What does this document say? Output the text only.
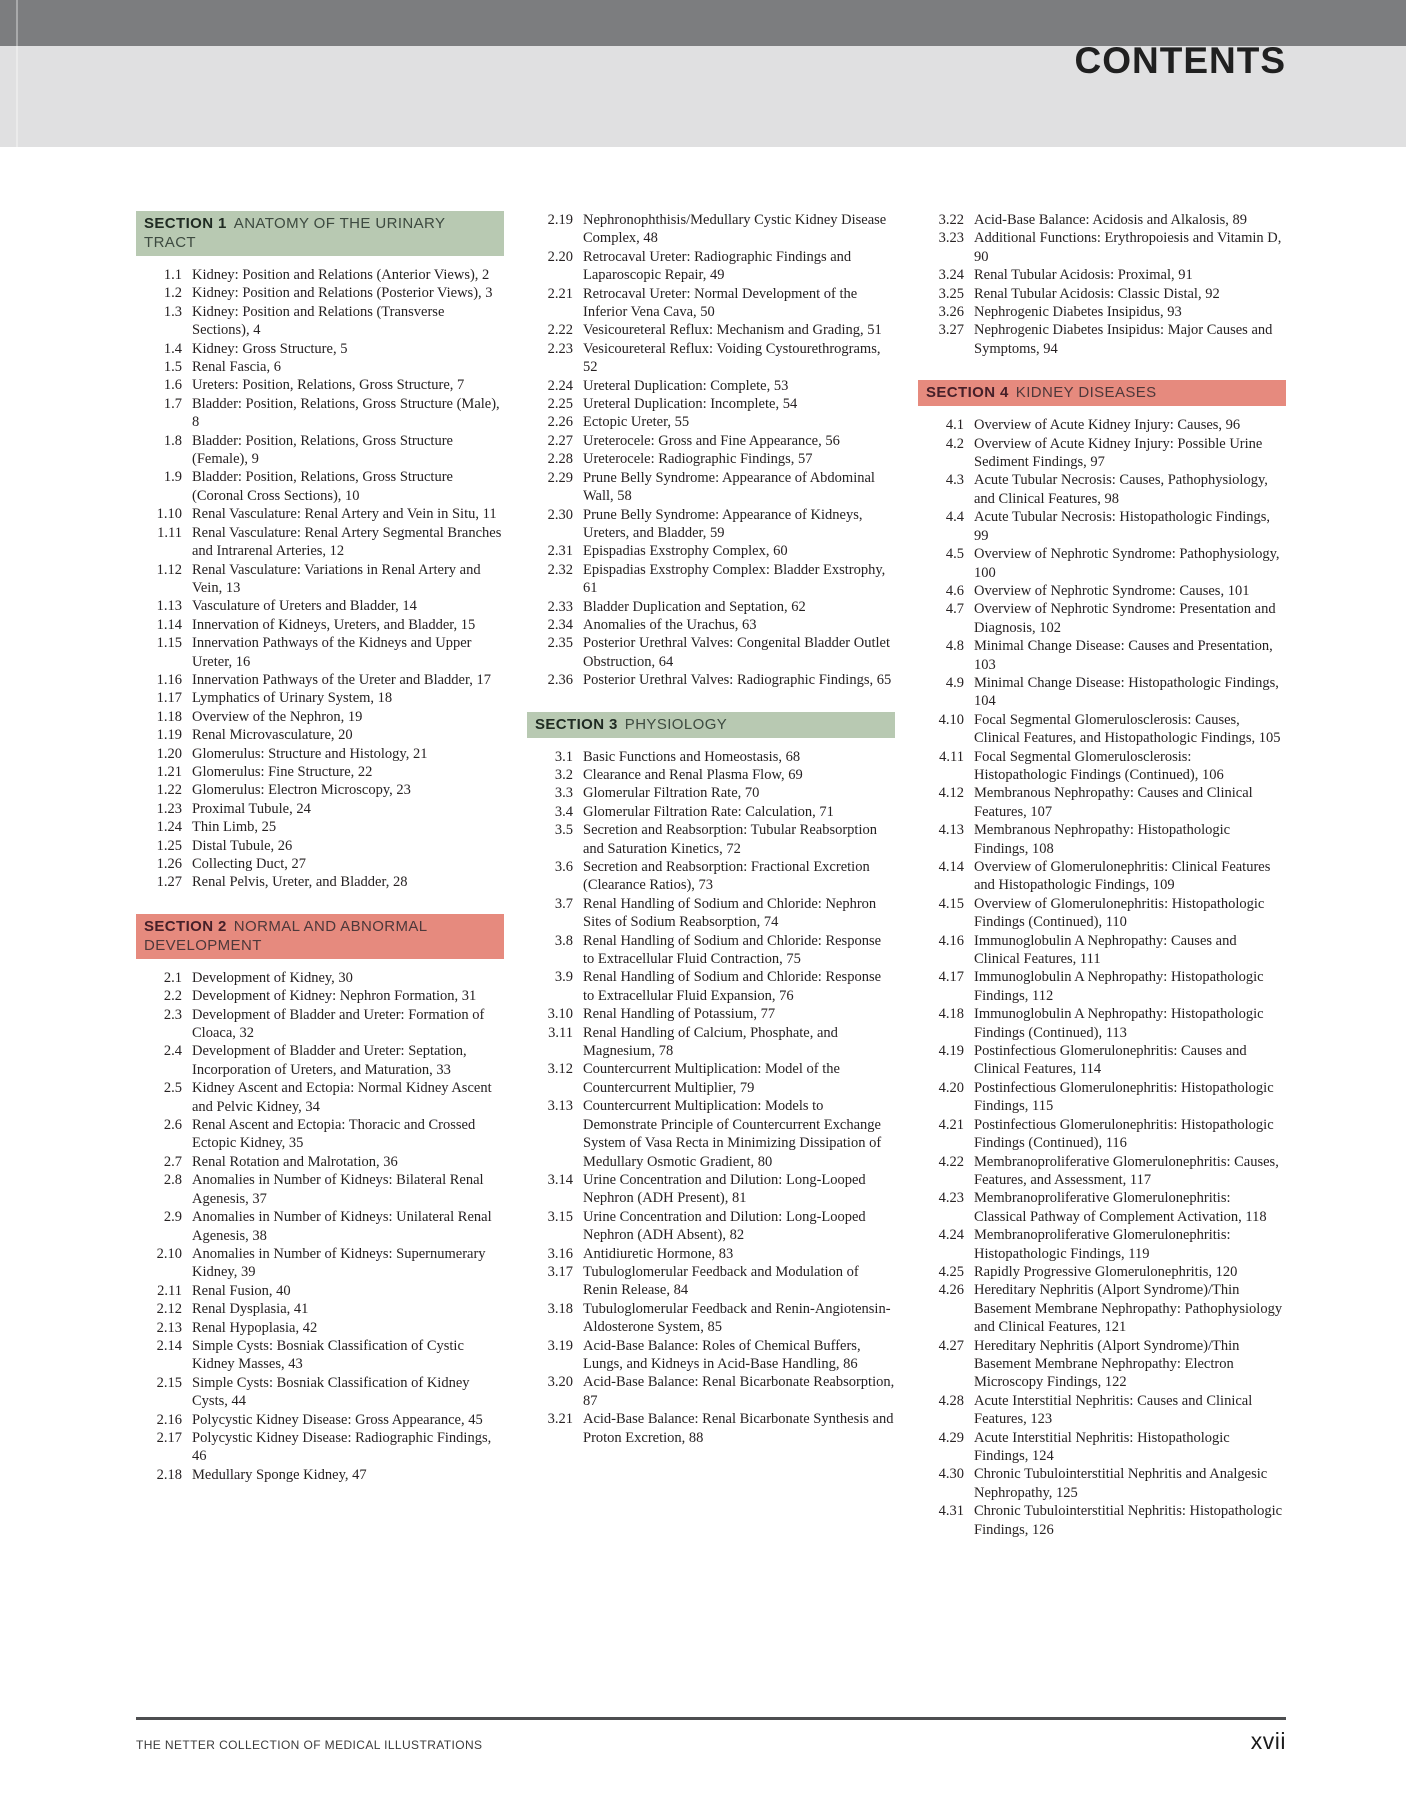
CONTENTS
SECTION 1 ANATOMY OF THE URINARY TRACT
1.1 Kidney: Position and Relations (Anterior Views), 2
1.2 Kidney: Position and Relations (Posterior Views), 3
1.3 Kidney: Position and Relations (Transverse Sections), 4
1.4 Kidney: Gross Structure, 5
1.5 Renal Fascia, 6
1.6 Ureters: Position, Relations, Gross Structure, 7
1.7 Bladder: Position, Relations, Gross Structure (Male), 8
1.8 Bladder: Position, Relations, Gross Structure (Female), 9
1.9 Bladder: Position, Relations, Gross Structure (Coronal Cross Sections), 10
1.10 Renal Vasculature: Renal Artery and Vein in Situ, 11
1.11 Renal Vasculature: Renal Artery Segmental Branches and Intrarenal Arteries, 12
1.12 Renal Vasculature: Variations in Renal Artery and Vein, 13
1.13 Vasculature of Ureters and Bladder, 14
1.14 Innervation of Kidneys, Ureters, and Bladder, 15
1.15 Innervation Pathways of the Kidneys and Upper Ureter, 16
1.16 Innervation Pathways of the Ureter and Bladder, 17
1.17 Lymphatics of Urinary System, 18
1.18 Overview of the Nephron, 19
1.19 Renal Microvasculature, 20
1.20 Glomerulus: Structure and Histology, 21
1.21 Glomerulus: Fine Structure, 22
1.22 Glomerulus: Electron Microscopy, 23
1.23 Proximal Tubule, 24
1.24 Thin Limb, 25
1.25 Distal Tubule, 26
1.26 Collecting Duct, 27
1.27 Renal Pelvis, Ureter, and Bladder, 28
SECTION 2 NORMAL AND ABNORMAL DEVELOPMENT
2.1 Development of Kidney, 30
2.2 Development of Kidney: Nephron Formation, 31
2.3 Development of Bladder and Ureter: Formation of Cloaca, 32
2.4 Development of Bladder and Ureter: Septation, Incorporation of Ureters, and Maturation, 33
2.5 Kidney Ascent and Ectopia: Normal Kidney Ascent and Pelvic Kidney, 34
2.6 Renal Ascent and Ectopia: Thoracic and Crossed Ectopic Kidney, 35
2.7 Renal Rotation and Malrotation, 36
2.8 Anomalies in Number of Kidneys: Bilateral Renal Agenesis, 37
2.9 Anomalies in Number of Kidneys: Unilateral Renal Agenesis, 38
2.10 Anomalies in Number of Kidneys: Supernumerary Kidney, 39
2.11 Renal Fusion, 40
2.12 Renal Dysplasia, 41
2.13 Renal Hypoplasia, 42
2.14 Simple Cysts: Bosniak Classification of Cystic Kidney Masses, 43
2.15 Simple Cysts: Bosniak Classification of Kidney Cysts, 44
2.16 Polycystic Kidney Disease: Gross Appearance, 45
2.17 Polycystic Kidney Disease: Radiographic Findings, 46
2.18 Medullary Sponge Kidney, 47
2.19 Nephronophthisis/Medullary Cystic Kidney Disease Complex, 48
2.20 Retrocaval Ureter: Radiographic Findings and Laparoscopic Repair, 49
2.21 Retrocaval Ureter: Normal Development of the Inferior Vena Cava, 50
2.22 Vesicoureteral Reflux: Mechanism and Grading, 51
2.23 Vesicoureteral Reflux: Voiding Cystourethrograms, 52
2.24 Ureteral Duplication: Complete, 53
2.25 Ureteral Duplication: Incomplete, 54
2.26 Ectopic Ureter, 55
2.27 Ureterocele: Gross and Fine Appearance, 56
2.28 Ureterocele: Radiographic Findings, 57
2.29 Prune Belly Syndrome: Appearance of Abdominal Wall, 58
2.30 Prune Belly Syndrome: Appearance of Kidneys, Ureters, and Bladder, 59
2.31 Epispadias Exstrophy Complex, 60
2.32 Epispadias Exstrophy Complex: Bladder Exstrophy, 61
2.33 Bladder Duplication and Septation, 62
2.34 Anomalies of the Urachus, 63
2.35 Posterior Urethral Valves: Congenital Bladder Outlet Obstruction, 64
2.36 Posterior Urethral Valves: Radiographic Findings, 65
SECTION 3 PHYSIOLOGY
3.1 Basic Functions and Homeostasis, 68
3.2 Clearance and Renal Plasma Flow, 69
3.3 Glomerular Filtration Rate, 70
3.4 Glomerular Filtration Rate: Calculation, 71
3.5 Secretion and Reabsorption: Tubular Reabsorption and Saturation Kinetics, 72
3.6 Secretion and Reabsorption: Fractional Excretion (Clearance Ratios), 73
3.7 Renal Handling of Sodium and Chloride: Nephron Sites of Sodium Reabsorption, 74
3.8 Renal Handling of Sodium and Chloride: Response to Extracellular Fluid Contraction, 75
3.9 Renal Handling of Sodium and Chloride: Response to Extracellular Fluid Expansion, 76
3.10 Renal Handling of Potassium, 77
3.11 Renal Handling of Calcium, Phosphate, and Magnesium, 78
3.12 Countercurrent Multiplication: Model of the Countercurrent Multiplier, 79
3.13 Countercurrent Multiplication: Models to Demonstrate Principle of Countercurrent Exchange System of Vasa Recta in Minimizing Dissipation of Medullary Osmotic Gradient, 80
3.14 Urine Concentration and Dilution: Long-Looped Nephron (ADH Present), 81
3.15 Urine Concentration and Dilution: Long-Looped Nephron (ADH Absent), 82
3.16 Antidiuretic Hormone, 83
3.17 Tubuloglomerular Feedback and Modulation of Renin Release, 84
3.18 Tubuloglomerular Feedback and Renin-Angiotensin-Aldosterone System, 85
3.19 Acid-Base Balance: Roles of Chemical Buffers, Lungs, and Kidneys in Acid-Base Handling, 86
3.20 Acid-Base Balance: Renal Bicarbonate Reabsorption, 87
3.21 Acid-Base Balance: Renal Bicarbonate Synthesis and Proton Excretion, 88
3.22 Acid-Base Balance: Acidosis and Alkalosis, 89
3.23 Additional Functions: Erythropoiesis and Vitamin D, 90
3.24 Renal Tubular Acidosis: Proximal, 91
3.25 Renal Tubular Acidosis: Classic Distal, 92
3.26 Nephrogenic Diabetes Insipidus, 93
3.27 Nephrogenic Diabetes Insipidus: Major Causes and Symptoms, 94
SECTION 4 KIDNEY DISEASES
4.1 Overview of Acute Kidney Injury: Causes, 96
4.2 Overview of Acute Kidney Injury: Possible Urine Sediment Findings, 97
4.3 Acute Tubular Necrosis: Causes, Pathophysiology, and Clinical Features, 98
4.4 Acute Tubular Necrosis: Histopathologic Findings, 99
4.5 Overview of Nephrotic Syndrome: Pathophysiology, 100
4.6 Overview of Nephrotic Syndrome: Causes, 101
4.7 Overview of Nephrotic Syndrome: Presentation and Diagnosis, 102
4.8 Minimal Change Disease: Causes and Presentation, 103
4.9 Minimal Change Disease: Histopathologic Findings, 104
4.10 Focal Segmental Glomerulosclerosis: Causes, Clinical Features, and Histopathologic Findings, 105
4.11 Focal Segmental Glomerulosclerosis: Histopathologic Findings (Continued), 106
4.12 Membranous Nephropathy: Causes and Clinical Features, 107
4.13 Membranous Nephropathy: Histopathologic Findings, 108
4.14 Overview of Glomerulonephritis: Clinical Features and Histopathologic Findings, 109
4.15 Overview of Glomerulonephritis: Histopathologic Findings (Continued), 110
4.16 Immunoglobulin A Nephropathy: Causes and Clinical Features, 111
4.17 Immunoglobulin A Nephropathy: Histopathologic Findings, 112
4.18 Immunoglobulin A Nephropathy: Histopathologic Findings (Continued), 113
4.19 Postinfectious Glomerulonephritis: Causes and Clinical Features, 114
4.20 Postinfectious Glomerulonephritis: Histopathologic Findings, 115
4.21 Postinfectious Glomerulonephritis: Histopathologic Findings (Continued), 116
4.22 Membranoproliferative Glomerulonephritis: Causes, Features, and Assessment, 117
4.23 Membranoproliferative Glomerulonephritis: Classical Pathway of Complement Activation, 118
4.24 Membranoproliferative Glomerulonephritis: Histopathologic Findings, 119
4.25 Rapidly Progressive Glomerulonephritis, 120
4.26 Hereditary Nephritis (Alport Syndrome)/Thin Basement Membrane Nephropathy: Pathophysiology and Clinical Features, 121
4.27 Hereditary Nephritis (Alport Syndrome)/Thin Basement Membrane Nephropathy: Electron Microscopy Findings, 122
4.28 Acute Interstitial Nephritis: Causes and Clinical Features, 123
4.29 Acute Interstitial Nephritis: Histopathologic Findings, 124
4.30 Chronic Tubulointerstitial Nephritis and Analgesic Nephropathy, 125
4.31 Chronic Tubulointerstitial Nephritis: Histopathologic Findings, 126
THE NETTER COLLECTION OF MEDICAL ILLUSTRATIONS	xvii
